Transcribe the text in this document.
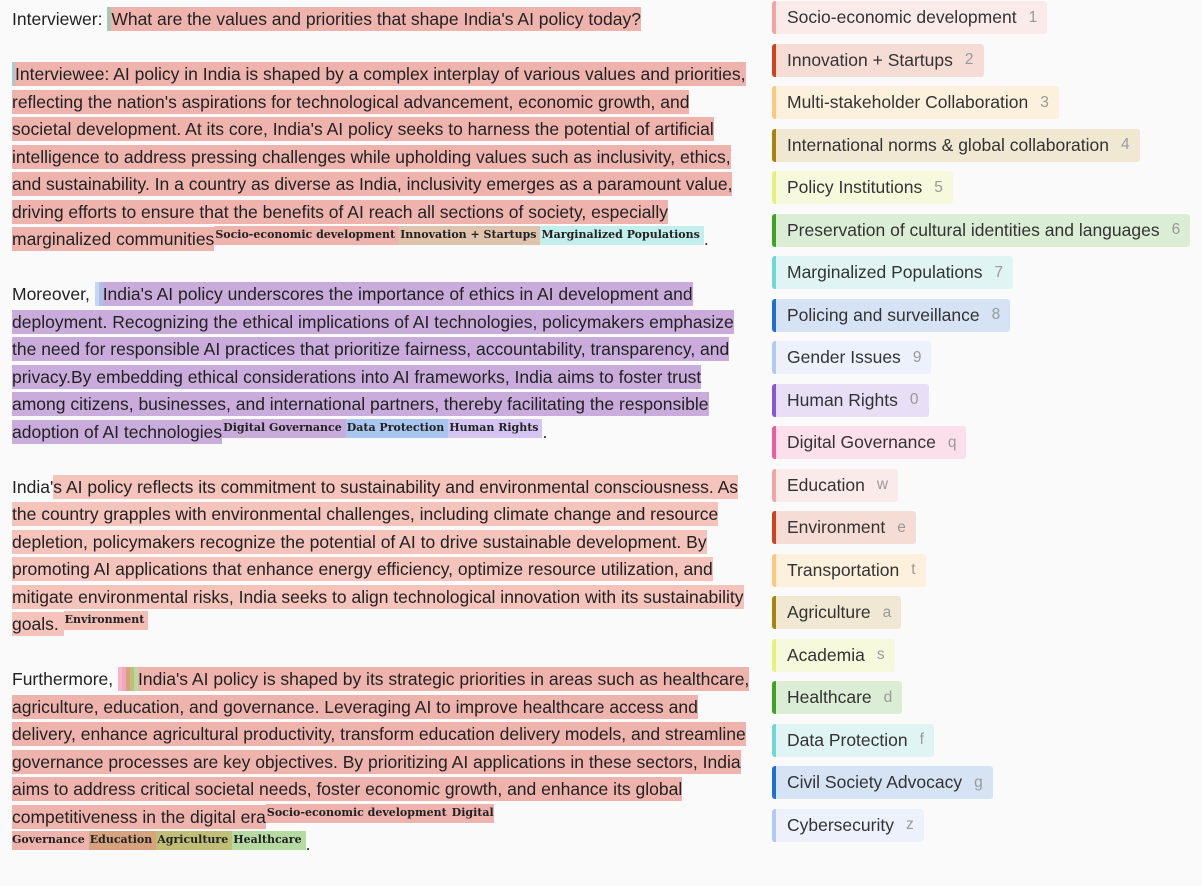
Interviewer: What are the values and priorities that shape India's AI policy today?

Interviewee: AI policy in India is shaped by a complex interplay of various values and priorities, reflecting the nation's aspirations for technological advancement, economic growth, and societal development. At its core, India's AI policy seeks to harness the potential of artificial intelligence to address pressing challenges while upholding values such as inclusivity, ethics, and sustainability. In a country as diverse as India, inclusivity emerges as a paramount value, driving efforts to ensure that the benefits of AI reach all sections of society, especially marginalized communities$^{Socio-economic development}$ $^{Innovation + Startups}$ $^{Marginalized Populations}$ .

Moreover, India's AI policy underscores the importance of ethics in AI development and deployment. Recognizing the ethical implications of AI technologies, policymakers emphasize the need for responsible AI practices that prioritize fairness, accountability, transparency, and privacy.By embedding ethical considerations into AI frameworks, India aims to foster trust among citizens, businesses, and international partners, thereby facilitating the responsible adoption of AI technologies$^{Digital Governance}$ $^{Data Protection}$ $^{Human Rights}$ .

India's AI policy reflects its commitment to sustainability and environmental consciousness. As the country grapples with environmental challenges, including climate change and resource depletion, policymakers recognize the potential of AI to drive sustainable development. By promoting AI applications that enhance energy efficiency, optimize resource utilization, and mitigate environmental risks, India seeks to align technological innovation with its sustainability goals. $^{Environment}$

Furthermore, India's AI policy is shaped by its strategic priorities in areas such as healthcare, agriculture, education, and governance. Leveraging AI to improve healthcare access and delivery, enhance agricultural productivity, transform education delivery models, and streamline governance processes are key objectives. By prioritizing AI applications in these sectors, India aims to address critical societal needs, foster economic growth, and enhance its global competitiveness in the digital era$^{Socio-economic development}$ $^{Digital Governance}$ $^{Education}$ $^{Agriculture}$ $^{Healthcare}$ .

Socio-economic development 1
Innovation + Startups 2
Multi-stakeholder Collaboration 3
International norms & global collaboration 4
Policy Institutions 5
Preservation of cultural identities and languages 6
Marginalized Populations 7
Policing and surveillance 8
Gender Issues 9
Human Rights 0
Digital Governance q
Education w
Environment e
Transportation t
Agriculture a
Academia s
Healthcare d
Data Protection f
Civil Society Advocacy g
Cybersecurity z
